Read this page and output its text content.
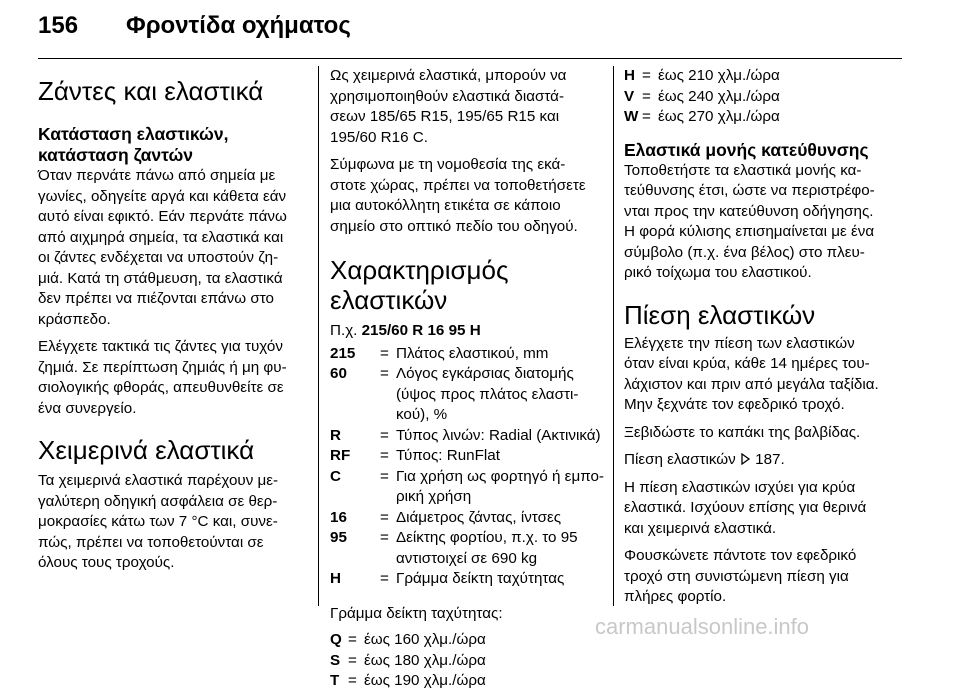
156 Φροντίδα οχήματος
Ζάντες και ελαστικά
Κατάσταση ελαστικών,
κατάσταση ζαντών
Όταν περνάτε πάνω από σημεία με
γωνίες, οδηγείτε αργά και κάθετα εάν
αυτό είναι εφικτό. Εάν περνάτε πάνω
από αιχμηρά σημεία, τα ελαστικά και
οι ζάντες ενδέχεται να υποστούν ζη‐
μιά. Κατά τη στάθμευση, τα ελαστικά
δεν πρέπει να πιέζονται επάνω στο
κράσπεδο.
Ελέγχετε τακτικά τις ζάντες για τυχόν
ζημιά. Σε περίπτωση ζημιάς ή μη φυ‐
σιολογικής φθοράς, απευθυνθείτε σε
ένα συνεργείο.
Χειμερινά ελαστικά
Τα χειμερινά ελαστικά παρέχουν με‐
γαλύτερη οδηγική ασφάλεια σε θερ‐
μοκρασίες κάτω των 7 °C και, συνε‐
πώς, πρέπει να τοποθετούνται σε
όλους τους τροχούς.
Ως χειμερινά ελαστικά, μπορούν να
χρησιμοποιηθούν ελαστικά διαστά‐
σεων 185/65 R15, 195/65 R15 και
195/60 R16 C.
Σύμφωνα με τη νομοθεσία της εκά‐
στοτε χώρας, πρέπει να τοποθετήσετε
μια αυτοκόλλητη ετικέτα σε κάποιο
σημείο στο οπτικό πεδίο του οδηγού.
Χαρακτηρισμός ελαστικών
Π.χ. 215/60 R 16 95 H
215	= Πλάτος ελαστικού, mm
60	= Λόγος εγκάρσιας διατομής
(ύψος προς πλάτος ελαστι‐
κού), %
R	= Τύπος λινών: Radial (Ακτινικά)
RF	= Τύπος: RunFlat
C	= Για χρήση ως φορτηγό ή εμπο‐
ρική χρήση
16	= Διάμετρος ζάντας, ίντσες
95	= Δείκτης φορτίου, π.χ. το 95
αντιστοιχεί σε 690 kg
H	= Γράμμα δείκτη ταχύτητας
Γράμμα δείκτη ταχύτητας:
Q = έως 160 χλμ./ώρα
S = έως 180 χλμ./ώρα
T = έως 190 χλμ./ώρα
H = έως 210 χλμ./ώρα
V = έως 240 χλμ./ώρα
W = έως 270 χλμ./ώρα
Ελαστικά μονής κατεύθυνσης
Τοποθετήστε τα ελαστικά μονής κα‐
τεύθυνσης έτσι, ώστε να περιστρέφο‐
νται προς την κατεύθυνση οδήγησης.
Η φορά κύλισης επισημαίνεται με ένα
σύμβολο (π.χ. ένα βέλος) στο πλευ‐
ρικό τοίχωμα του ελαστικού.
Πίεση ελαστικών
Ελέγχετε την πίεση των ελαστικών
όταν είναι κρύα, κάθε 14 ημέρες του‐
λάχιστον και πριν από μεγάλα ταξίδια.
Μην ξεχνάτε τον εφεδρικό τροχό.
Ξεβιδώστε το καπάκι της βαλβίδας.
Πίεση ελαστικών  187.
Η πίεση ελαστικών ισχύει για κρύα
ελαστικά. Ισχύουν επίσης για θερινά
και χειμερινά ελαστικά.
Φουσκώνετε πάντοτε τον εφεδρικό
τροχό στη συνιστώμενη πίεση για
πλήρες φορτίο.
carmanualsonline.info
